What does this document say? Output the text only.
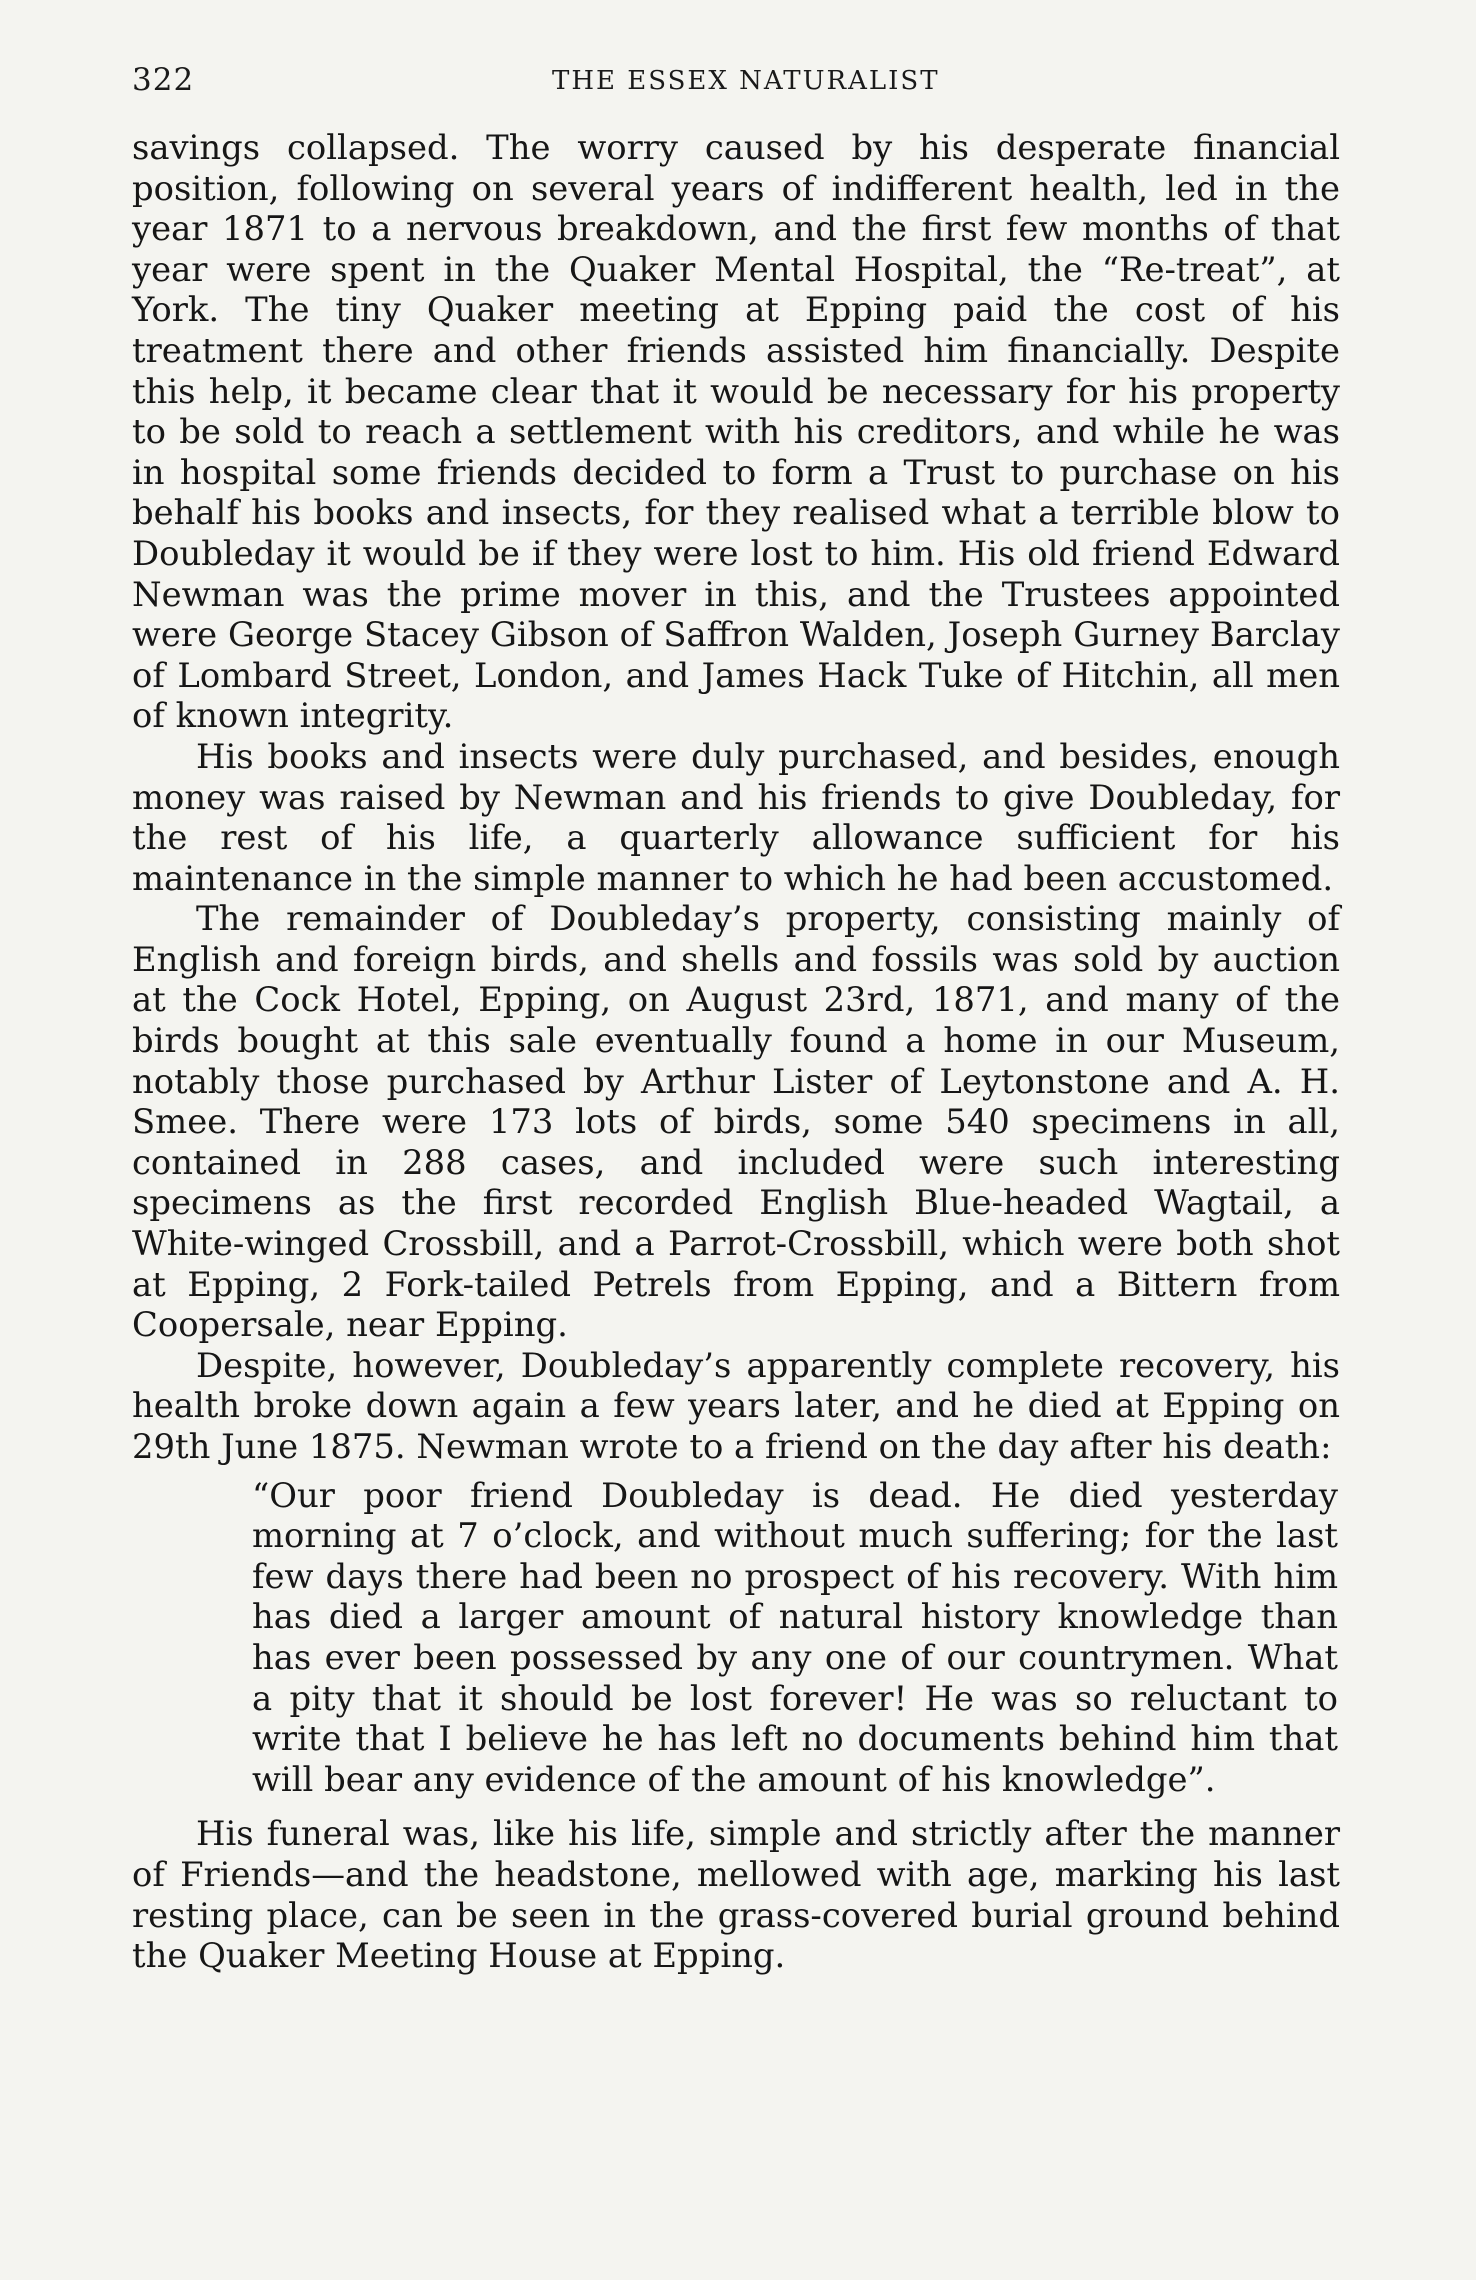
322	THE ESSEX NATURALIST

savings collapsed. The worry caused by his desperate financial position, following on several years of indifferent health, led in the year 1871 to a nervous breakdown, and the first few months of that year were spent in the Quaker Mental Hospital, the “Re-treat”, at York. The tiny Quaker meeting at Epping paid the cost of his treatment there and other friends assisted him financially. Despite this help, it became clear that it would be necessary for his property to be sold to reach a settlement with his creditors, and while he was in hospital some friends decided to form a Trust to purchase on his behalf his books and insects, for they realised what a terrible blow to Doubleday it would be if they were lost to him. His old friend Edward Newman was the prime mover in this, and the Trustees appointed were George Stacey Gibson of Saffron Walden, Joseph Gurney Barclay of Lombard Street, London, and James Hack Tuke of Hitchin, all men of known integrity.

His books and insects were duly purchased, and besides, enough money was raised by Newman and his friends to give Doubleday, for the rest of his life, a quarterly allowance sufficient for his maintenance in the simple manner to which he had been accustomed.

The remainder of Doubleday’s property, consisting mainly of English and foreign birds, and shells and fossils was sold by auction at the Cock Hotel, Epping, on August 23rd, 1871, and many of the birds bought at this sale eventually found a home in our Museum, notably those purchased by Arthur Lister of Leytonstone and A. H. Smee. There were 173 lots of birds, some 540 specimens in all, contained in 288 cases, and included were such interesting specimens as the first recorded English Blue-headed Wagtail, a White-winged Crossbill, and a Parrot-Crossbill, which were both shot at Epping, 2 Fork-tailed Petrels from Epping, and a Bittern from Coopersale, near Epping.

Despite, however, Doubleday’s apparently complete recovery, his health broke down again a few years later, and he died at Epping on 29th June 1875. Newman wrote to a friend on the day after his death:

“Our poor friend Doubleday is dead. He died yesterday morning at 7 o’clock, and without much suffering; for the last few days there had been no prospect of his recovery. With him has died a larger amount of natural history knowledge than has ever been possessed by any one of our countrymen. What a pity that it should be lost forever! He was so reluctant to write that I believe he has left no documents behind him that will bear any evidence of the amount of his knowledge”.

His funeral was, like his life, simple and strictly after the manner of Friends—and the headstone, mellowed with age, marking his last resting place, can be seen in the grass-covered burial ground behind the Quaker Meeting House at Epping.
